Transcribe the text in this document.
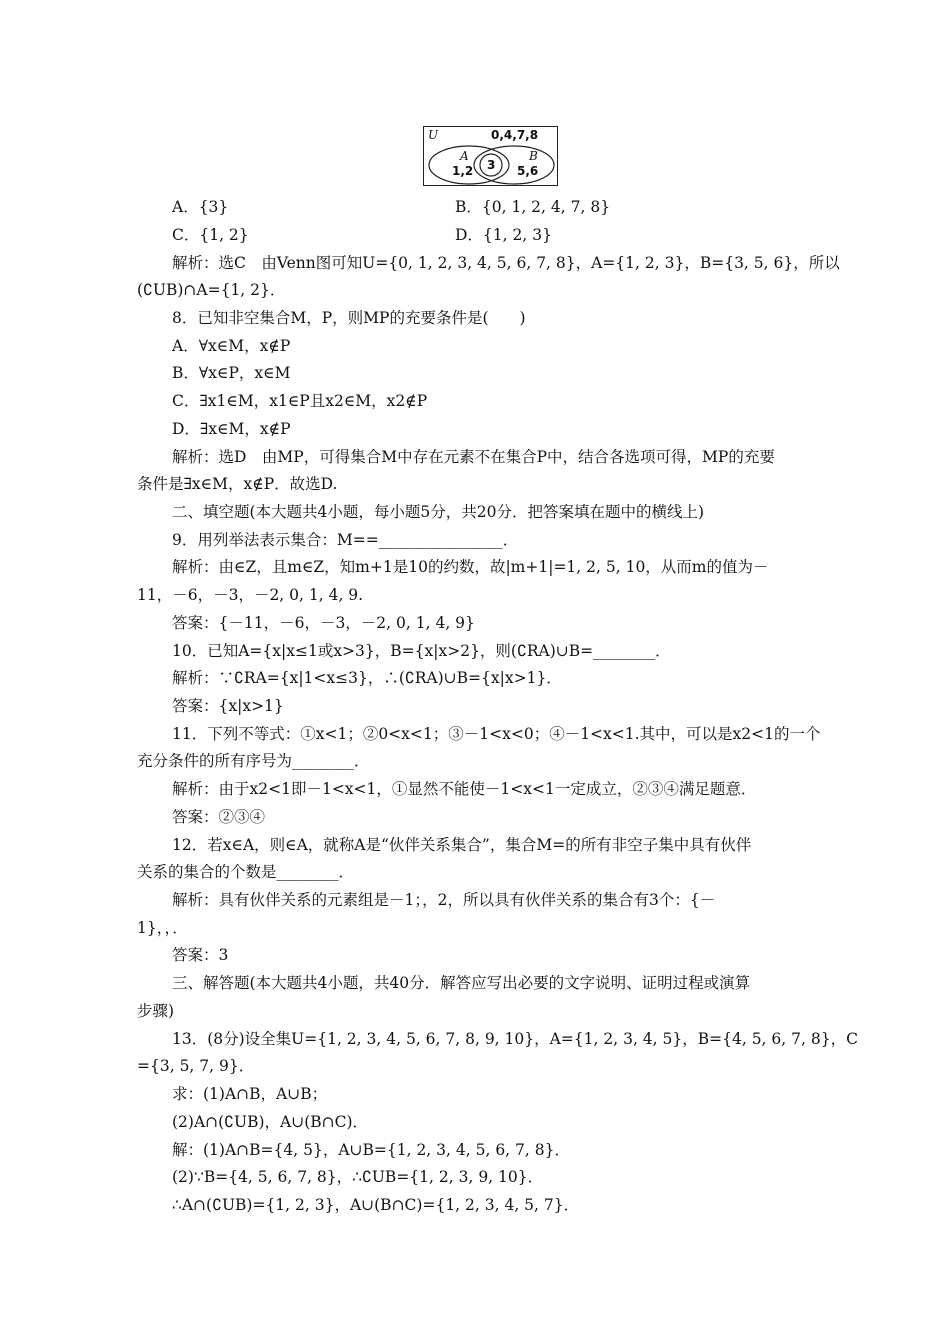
U	0,4,7,8
A
1,2 3
B
5,6
A．{3}	B．{0, 1, 2, 4, 7, 8}
C．{1, 2}	D．{1, 2, 3}
解析：选C　由Venn图可知U={0, 1, 2, 3, 4, 5, 6, 7, 8}，A={1, 2, 3}，B={3, 5, 6}，所以
(∁UB)∩A={1, 2}．
8．已知非空集合M，P，则MP的充要条件是(　　)
A．∀x∈M，x∉P
B．∀x∈P，x∈M
C．∃x1∈M，x1∈P且x2∈M，x2∉P
D．∃x∈M，x∉P
解析：选D　由MP，可得集合M中存在元素不在集合P中，结合各选项可得，MP的充要
条件是∃x∈M，x∉P．故选D.
二、填空题(本大题共4小题，每小题5分，共20分．把答案填在题中的横线上)
9．用列举法表示集合：M==________________．
解析：由∈Z，且m∈Z，知m+1是10的约数，故|m+1|=1, 2, 5, 10，从而m的值为－
11，－6，－3，－2, 0, 1, 4, 9.
答案：{－11，－6，－3，－2, 0, 1, 4, 9}
10．已知A={x|x≤1或x>3}，B={x|x>2}，则(∁RA)∪B=________．
解析：∵∁RA={x|1<x≤3}，∴(∁RA)∪B={x|x>1}．
答案：{x|x>1}
11．下列不等式：①x<1；②0<x<1；③－1<x<0；④－1<x<1.其中，可以是x2<1的一个
充分条件的所有序号为________．
解析：由于x2<1即－1<x<1，①显然不能使－1<x<1一定成立，②③④满足题意．
答案：②③④
12．若x∈A，则∈A，就称A是“伙伴关系集合”，集合M=的所有非空子集中具有伙伴
关系的集合的个数是________．
解析：具有伙伴关系的元素组是－1；，2，所以具有伙伴关系的集合有3个：{－
1}，，．
答案：3
三、解答题(本大题共4小题，共40分．解答应写出必要的文字说明、证明过程或演算
步骤)
13．(8分)设全集U={1, 2, 3, 4, 5, 6, 7, 8, 9, 10}，A={1, 2, 3, 4, 5}，B={4, 5, 6, 7, 8}，C
={3, 5, 7, 9}．
求：(1)A∩B，A∪B；
(2)A∩(∁UB)，A∪(B∩C)．
解：(1)A∩B={4, 5}，A∪B={1, 2, 3, 4, 5, 6, 7, 8}．
(2)∵B={4, 5, 6, 7, 8}，∴∁UB={1, 2, 3, 9, 10}．
∴A∩(∁UB)={1, 2, 3}，A∪(B∩C)={1, 2, 3, 4, 5, 7}．
